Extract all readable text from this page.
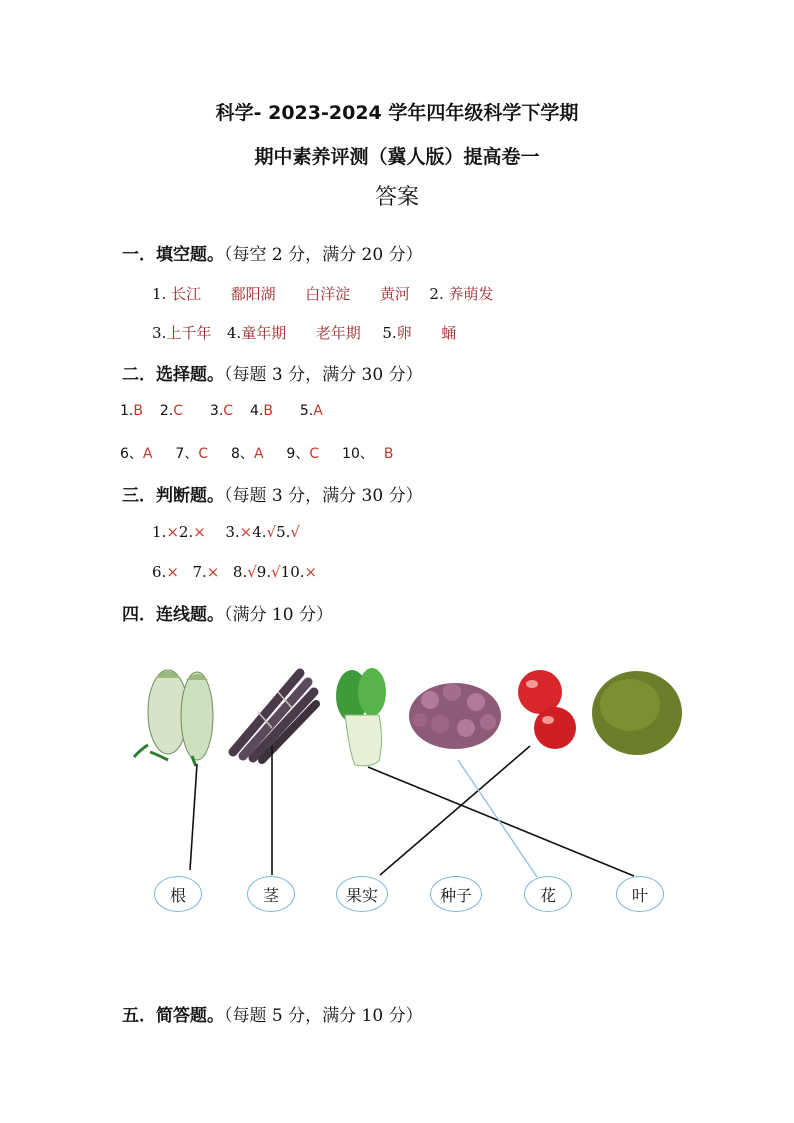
科学- 2023-2024 学年四年级科学下学期
期中素养评测（冀人版）提高卷一
答案
一．填空题。（每空 2 分，满分 20 分）
1. 长江 鄱阳湖 白洋淀 黄河 2. 养萌发
3.上千年 4.童年期 老年期 5.卵 蛹
二．选择题。（每题 3 分，满分 30 分）
1.B 2.C 3.C 4.B 5.A
6、A 7、C 8、A 9、C 10、 B
三．判断题。（每题 3 分，满分 30 分）
1.×2.× 3.×4.√5.√
6.× 7.× 8.√9.√10.×
四．连线题。（满分 10 分）
根	茎	果实	种子	花	叶
五．简答题。（每题 5 分，满分 10 分）
